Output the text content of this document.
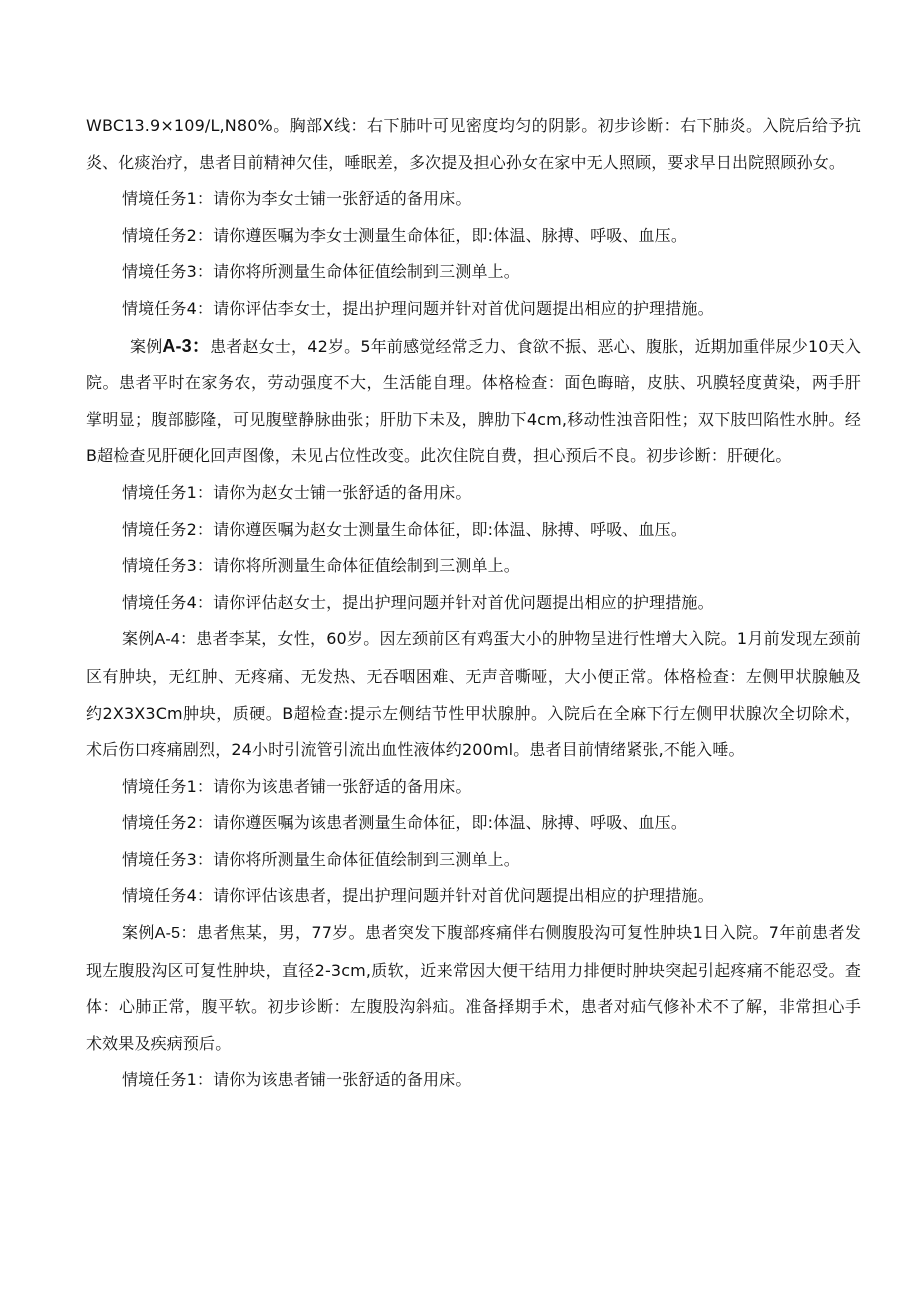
WBC13.9×109/L,N80%。胸部X线：右下肺叶可见密度均匀的阴影。初步诊断：右下肺炎。入院后给予抗炎、化痰治疗，患者目前精神欠佳，唾眠差，多次提及担心孙女在家中无人照顾，要求早日出院照顾孙女。

情境任务1：请你为李女士铺一张舒适的备用床。

情境任务2：请你遵医嘱为李女士测量生命体征，即:体温、脉搏、呼吸、血压。

情境任务3：请你将所测量生命体征值绘制到三测单上。

情境任务4：请你评估李女士，提出护理问题并针对首优问题提出相应的护理措施。

案例A-3：患者赵女士，42岁。5年前感觉经常乏力、食欲不振、恶心、腹胀，近期加重伴尿少10天入院。患者平时在家务农，劳动强度不大，生活能自理。体格检查：面色晦暗，皮肤、巩膜轻度黄染，两手肝掌明显；腹部膨隆，可见腹壁静脉曲张；肝肋下未及，脾肋下4cm,移动性浊音阳性；双下肢凹陷性水肿。经B超检查见肝硬化回声图像，未见占位性改变。此次住院自费，担心预后不良。初步诊断：肝硬化。

情境任务1：请你为赵女士铺一张舒适的备用床。

情境任务2：请你遵医嘱为赵女士测量生命体征，即:体温、脉搏、呼吸、血压。

情境任务3：请你将所测量生命体征值绘制到三测单上。

情境任务4：请你评估赵女士，提出护理问题并针对首优问题提出相应的护理措施。

案例A-4：患者李某，女性，60岁。因左颈前区有鸡蛋大小的肿物呈进行性增大入院。1月前发现左颈前区有肿块，无红肿、无疼痛、无发热、无吞咽困难、无声音嘶哑，大小便正常。体格检查：左侧甲状腺触及约2X3X3Cm肿块，质硬。B超检查:提示左侧结节性甲状腺肿。入院后在全麻下行左侧甲状腺次全切除术，术后伤口疼痛剧烈，24小时引流管引流出血性液体约200ml。患者目前情绪紧张,不能入唾。

情境任务1：请你为该患者铺一张舒适的备用床。

情境任务2：请你遵医嘱为该患者测量生命体征，即:体温、脉搏、呼吸、血压。

情境任务3：请你将所测量生命体征值绘制到三测单上。

情境任务4：请你评估该患者，提出护理问题并针对首优问题提出相应的护理措施。

案例A-5：患者焦某，男，77岁。患者突发下腹部疼痛伴右侧腹股沟可复性肿块1日入院。7年前患者发现左腹股沟区可复性肿块，直径2-3cm,质软，近来常因大便干结用力排便时肿块突起引起疼痛不能忍受。查体：心肺正常，腹平软。初步诊断：左腹股沟斜疝。准备择期手术，患者对疝气修补术不了解，非常担心手术效果及疾病预后。

情境任务1：请你为该患者铺一张舒适的备用床。
